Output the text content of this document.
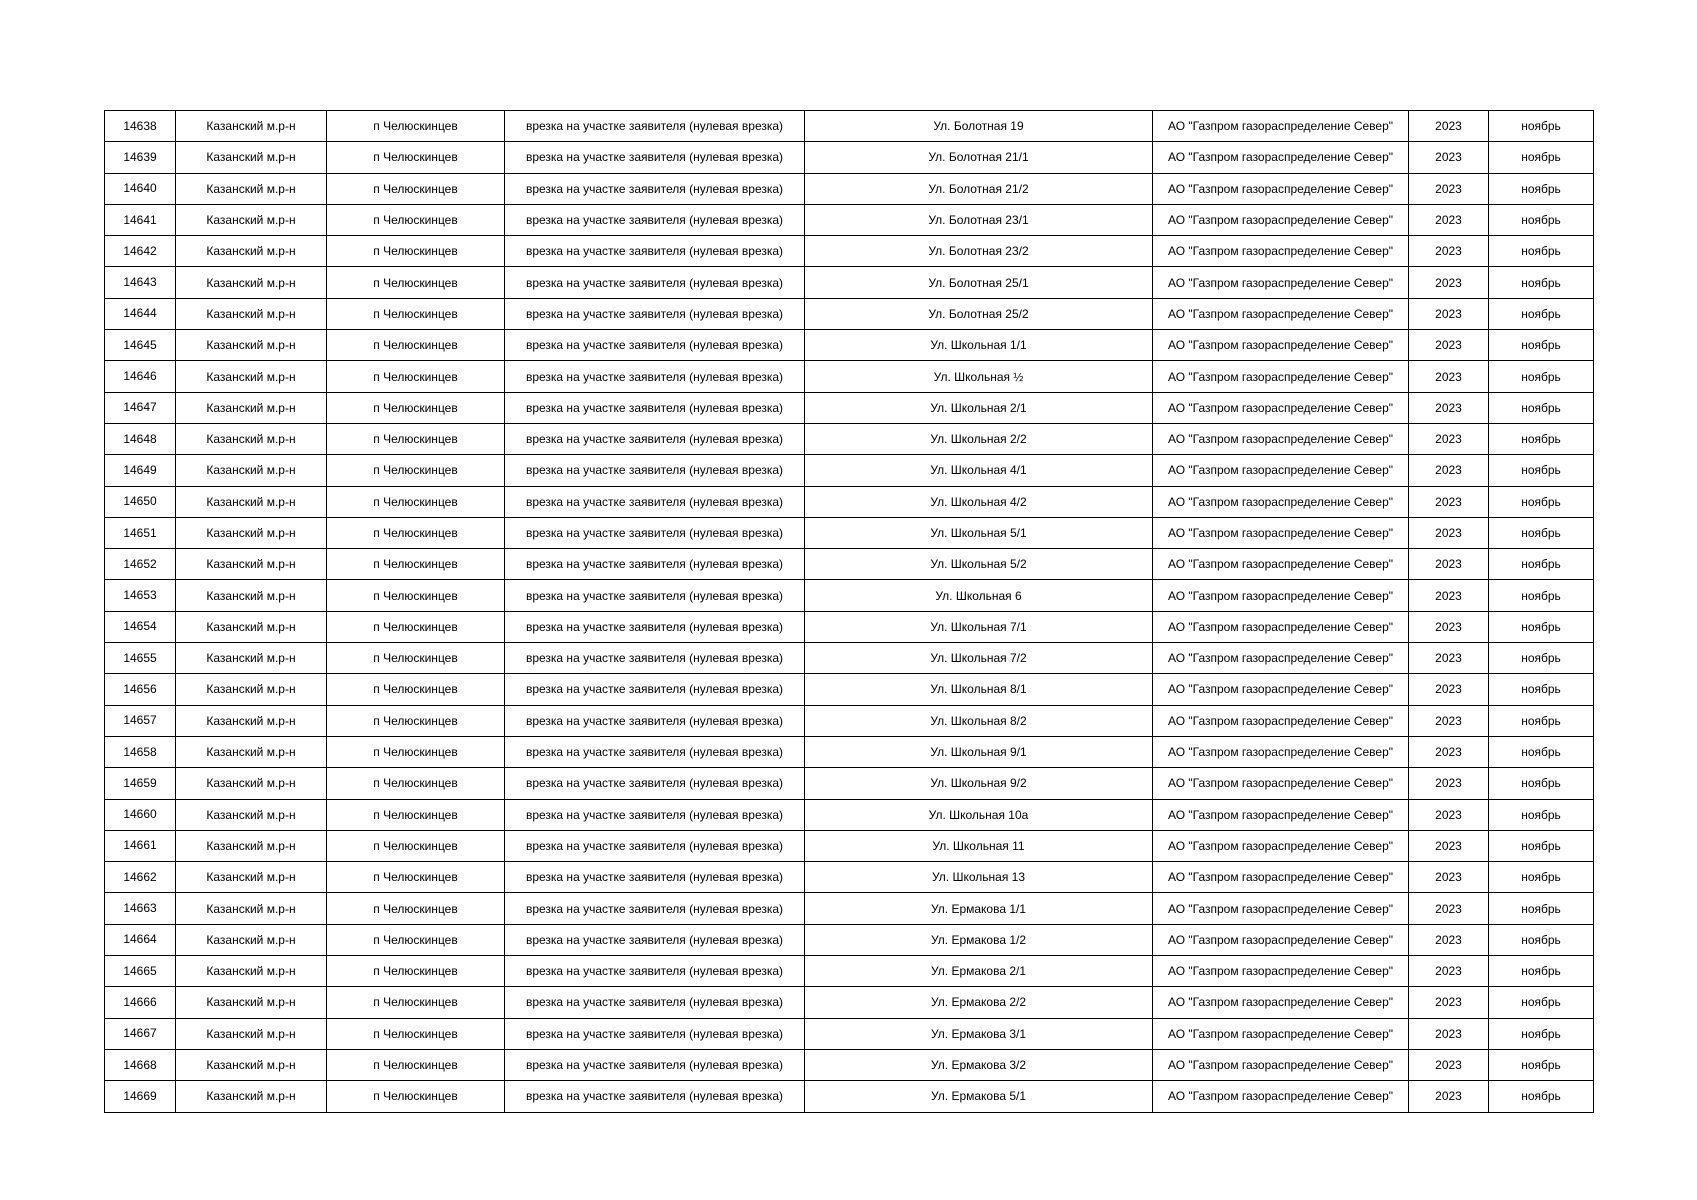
14638	Казанский м.р-н	п Челюскинцев	врезка на участке заявителя (нулевая врезка)	Ул. Болотная 19	АО "Газпром газораспределение Север"	2023	ноябрь
14639	Казанский м.р-н	п Челюскинцев	врезка на участке заявителя (нулевая врезка)	Ул. Болотная 21/1	АО "Газпром газораспределение Север"	2023	ноябрь
14640	Казанский м.р-н	п Челюскинцев	врезка на участке заявителя (нулевая врезка)	Ул. Болотная 21/2	АО "Газпром газораспределение Север"	2023	ноябрь
14641	Казанский м.р-н	п Челюскинцев	врезка на участке заявителя (нулевая врезка)	Ул. Болотная 23/1	АО "Газпром газораспределение Север"	2023	ноябрь
14642	Казанский м.р-н	п Челюскинцев	врезка на участке заявителя (нулевая врезка)	Ул. Болотная 23/2	АО "Газпром газораспределение Север"	2023	ноябрь
14643	Казанский м.р-н	п Челюскинцев	врезка на участке заявителя (нулевая врезка)	Ул. Болотная 25/1	АО "Газпром газораспределение Север"	2023	ноябрь
14644	Казанский м.р-н	п Челюскинцев	врезка на участке заявителя (нулевая врезка)	Ул. Болотная 25/2	АО "Газпром газораспределение Север"	2023	ноябрь
14645	Казанский м.р-н	п Челюскинцев	врезка на участке заявителя (нулевая врезка)	Ул. Школьная 1/1	АО "Газпром газораспределение Север"	2023	ноябрь
14646	Казанский м.р-н	п Челюскинцев	врезка на участке заявителя (нулевая врезка)	Ул. Школьная ½	АО "Газпром газораспределение Север"	2023	ноябрь
14647	Казанский м.р-н	п Челюскинцев	врезка на участке заявителя (нулевая врезка)	Ул. Школьная 2/1	АО "Газпром газораспределение Север"	2023	ноябрь
14648	Казанский м.р-н	п Челюскинцев	врезка на участке заявителя (нулевая врезка)	Ул. Школьная 2/2	АО "Газпром газораспределение Север"	2023	ноябрь
14649	Казанский м.р-н	п Челюскинцев	врезка на участке заявителя (нулевая врезка)	Ул. Школьная 4/1	АО "Газпром газораспределение Север"	2023	ноябрь
14650	Казанский м.р-н	п Челюскинцев	врезка на участке заявителя (нулевая врезка)	Ул. Школьная 4/2	АО "Газпром газораспределение Север"	2023	ноябрь
14651	Казанский м.р-н	п Челюскинцев	врезка на участке заявителя (нулевая врезка)	Ул. Школьная 5/1	АО "Газпром газораспределение Север"	2023	ноябрь
14652	Казанский м.р-н	п Челюскинцев	врезка на участке заявителя (нулевая врезка)	Ул. Школьная 5/2	АО "Газпром газораспределение Север"	2023	ноябрь
14653	Казанский м.р-н	п Челюскинцев	врезка на участке заявителя (нулевая врезка)	Ул. Школьная 6	АО "Газпром газораспределение Север"	2023	ноябрь
14654	Казанский м.р-н	п Челюскинцев	врезка на участке заявителя (нулевая врезка)	Ул. Школьная 7/1	АО "Газпром газораспределение Север"	2023	ноябрь
14655	Казанский м.р-н	п Челюскинцев	врезка на участке заявителя (нулевая врезка)	Ул. Школьная 7/2	АО "Газпром газораспределение Север"	2023	ноябрь
14656	Казанский м.р-н	п Челюскинцев	врезка на участке заявителя (нулевая врезка)	Ул. Школьная 8/1	АО "Газпром газораспределение Север"	2023	ноябрь
14657	Казанский м.р-н	п Челюскинцев	врезка на участке заявителя (нулевая врезка)	Ул. Школьная 8/2	АО "Газпром газораспределение Север"	2023	ноябрь
14658	Казанский м.р-н	п Челюскинцев	врезка на участке заявителя (нулевая врезка)	Ул. Школьная 9/1	АО "Газпром газораспределение Север"	2023	ноябрь
14659	Казанский м.р-н	п Челюскинцев	врезка на участке заявителя (нулевая врезка)	Ул. Школьная 9/2	АО "Газпром газораспределение Север"	2023	ноябрь
14660	Казанский м.р-н	п Челюскинцев	врезка на участке заявителя (нулевая врезка)	Ул. Школьная 10а	АО "Газпром газораспределение Север"	2023	ноябрь
14661	Казанский м.р-н	п Челюскинцев	врезка на участке заявителя (нулевая врезка)	Ул. Школьная 11	АО "Газпром газораспределение Север"	2023	ноябрь
14662	Казанский м.р-н	п Челюскинцев	врезка на участке заявителя (нулевая врезка)	Ул. Школьная 13	АО "Газпром газораспределение Север"	2023	ноябрь
14663	Казанский м.р-н	п Челюскинцев	врезка на участке заявителя (нулевая врезка)	Ул. Ермакова 1/1	АО "Газпром газораспределение Север"	2023	ноябрь
14664	Казанский м.р-н	п Челюскинцев	врезка на участке заявителя (нулевая врезка)	Ул. Ермакова 1/2	АО "Газпром газораспределение Север"	2023	ноябрь
14665	Казанский м.р-н	п Челюскинцев	врезка на участке заявителя (нулевая врезка)	Ул. Ермакова 2/1	АО "Газпром газораспределение Север"	2023	ноябрь
14666	Казанский м.р-н	п Челюскинцев	врезка на участке заявителя (нулевая врезка)	Ул. Ермакова 2/2	АО "Газпром газораспределение Север"	2023	ноябрь
14667	Казанский м.р-н	п Челюскинцев	врезка на участке заявителя (нулевая врезка)	Ул. Ермакова 3/1	АО "Газпром газораспределение Север"	2023	ноябрь
14668	Казанский м.р-н	п Челюскинцев	врезка на участке заявителя (нулевая врезка)	Ул. Ермакова 3/2	АО "Газпром газораспределение Север"	2023	ноябрь
14669	Казанский м.р-н	п Челюскинцев	врезка на участке заявителя (нулевая врезка)	Ул. Ермакова 5/1	АО "Газпром газораспределение Север"	2023	ноябрь
